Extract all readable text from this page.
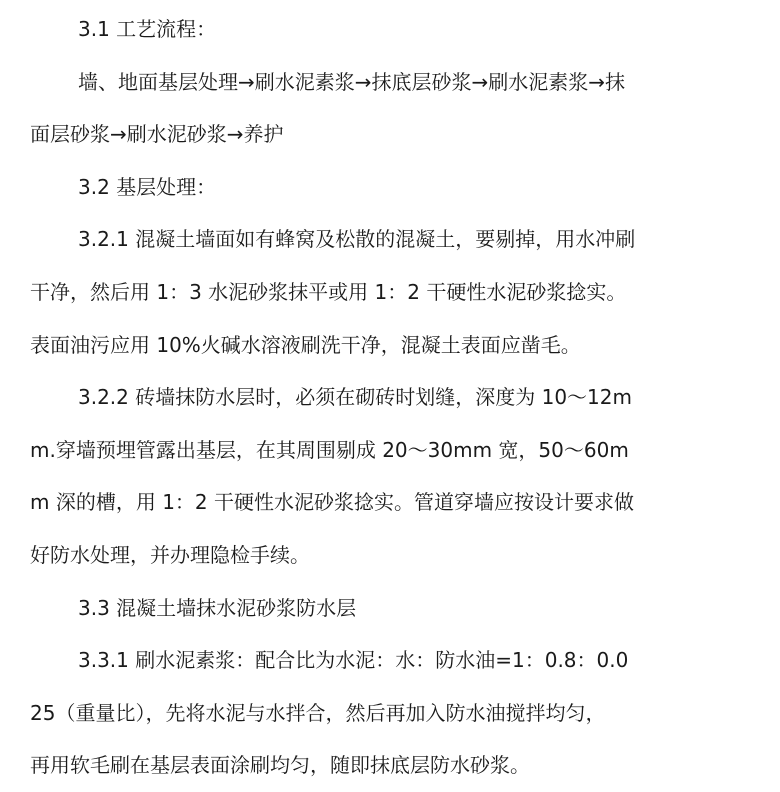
3.1 工艺流程：
墙、地面基层处理→刷水泥素浆→抹底层砂浆→刷水泥素浆→抹
面层砂浆→刷水泥砂浆→养护
3.2 基层处理：
3.2.1 混凝土墙面如有蜂窝及松散的混凝土，要剔掉，用水冲刷
干净，然后用 1：3 水泥砂浆抹平或用 1：2 干硬性水泥砂浆捻实。
表面油污应用 10%火碱水溶液刷洗干净，混凝土表面应凿毛。
3.2.2 砖墙抹防水层时，必须在砌砖时划缝，深度为 10～12m
m.穿墙预埋管露出基层，在其周围剔成 20～30mm 宽，50～60m
m 深的槽，用 1：2 干硬性水泥砂浆捻实。管道穿墙应按设计要求做
好防水处理，并办理隐检手续。
3.3 混凝土墙抹水泥砂浆防水层
3.3.1 刷水泥素浆：配合比为水泥：水：防水油=1：0.8：0.0
25（重量比），先将水泥与水拌合，然后再加入防水油搅拌均匀，
再用软毛刷在基层表面涂刷均匀，随即抹底层防水砂浆。
